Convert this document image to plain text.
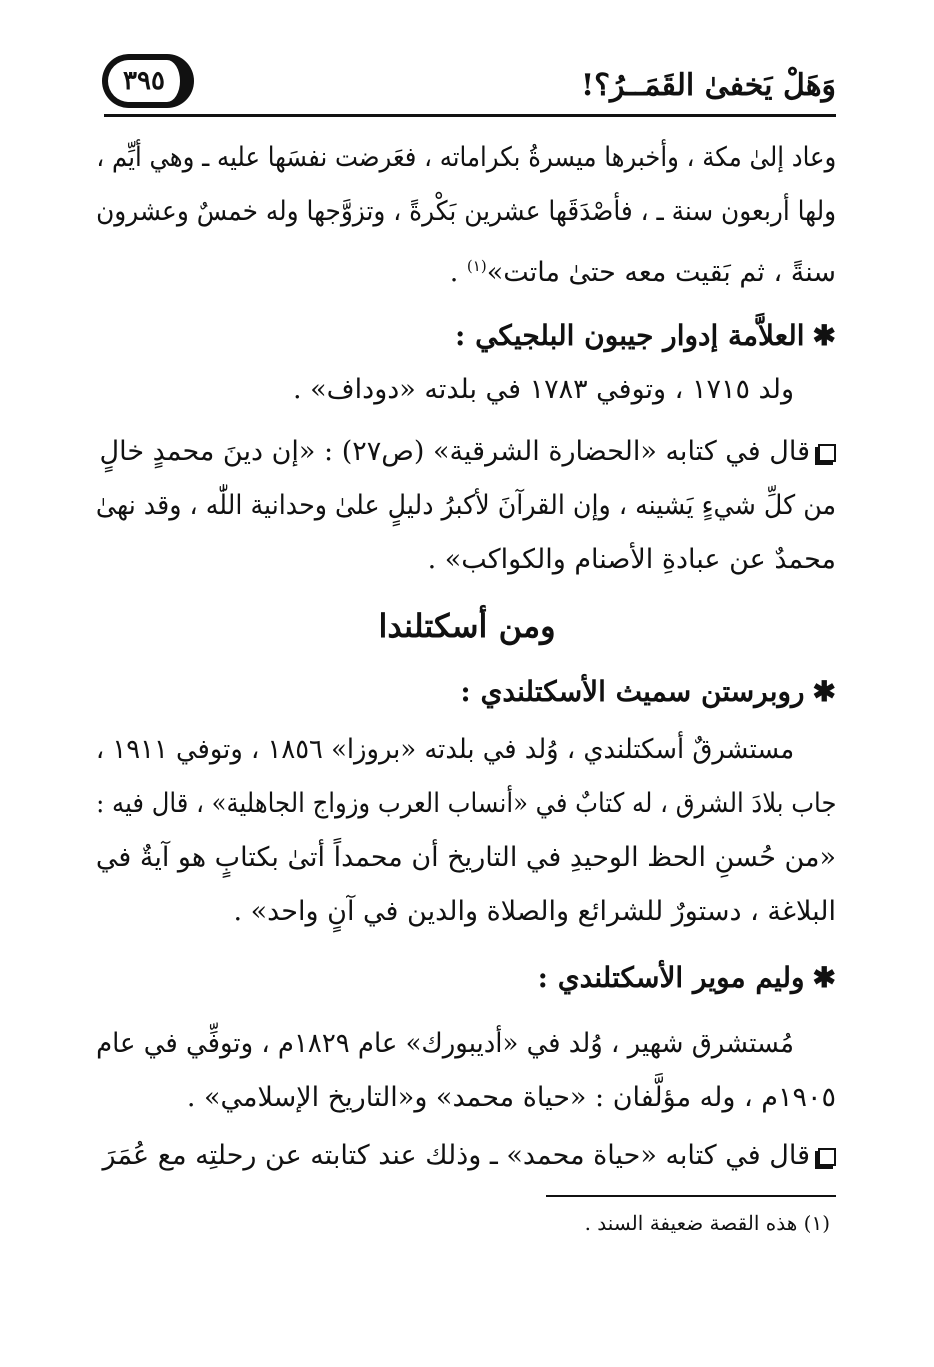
وَهَلْ يَخفىٰ القَمَــرُ؟!
٣٩٥
وعاد إلىٰ مكة ، وأخبرها ميسرةُ بكراماته ، فعَرضت نفسَها عليه ـ وهي أيِّم ،
ولها أربعون سنة ـ ، فأصْدَقَها عشرين بَكْرةً ، وتزوَّجها وله خمسٌ وعشرون
سنةً ، ثم بَقيت معه حتىٰ ماتت»$^{(١)}$ .
✱العلاَّمة إدوار جيبون البلجيكي :
ولد ١٧١٥ ، وتوفي ١٧٨٣ في بلدته «دوداف» .
قال في كتابه «الحضارة الشرقية» (ص٢٧) : «إن دينَ محمدٍ خالٍ
من كلِّ شيءٍ يَشينه ، وإن القرآنَ لأكبرُ دليلٍ علىٰ وحدانية اللّٰه ، وقد نهىٰ
محمدٌ عن عبادةِ الأصنام والكواكب» .
ومن أسكتلندا
✱روبرستن سميث الأسكتلندي :
مستشرقٌ أسكتلندي ، وُلد في بلدته «بروزا» ١٨٥٦ ، وتوفي ١٩١١ ،
جاب بلادَ الشرق ، له كتابٌ في «أنساب العرب وزواج الجاهلية» ، قال فيه :
«من حُسنِ الحظ الوحيدِ في التاريخ أن محمداً أتىٰ بكتابٍ هو آيةٌ في
البلاغة ، دستورٌ للشرائع والصلاة والدين في آنٍ واحد» .
✱وليم موير الأسكتلندي :
مُستشرق شهير ، وُلد في «أديبورك» عام ١٨٢٩م ، وتوفِّي في عام
١٩٠٥م ، وله مؤلَّفان : «حياة محمد» و«التاريخ الإسلامي» .
قال في كتابه «حياة محمد» ـ وذلك عند كتابته عن رحلتِه مع عُمَرَ
(١) هذه القصة ضعيفة السند .
